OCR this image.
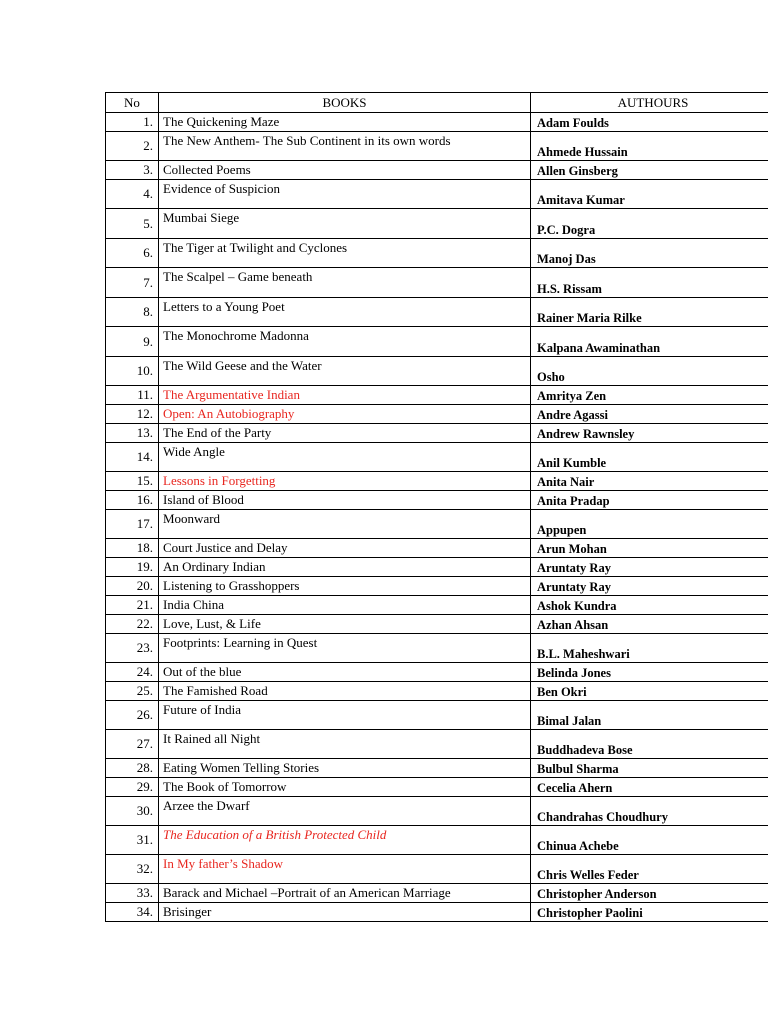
No	BOOKS	AUTHOURS
1.	The Quickening Maze	Adam Foulds
2.	The New Anthem- The Sub Continent in its own words	Ahmede Hussain
3.	Collected Poems	Allen Ginsberg
4.	Evidence of Suspicion	Amitava Kumar
5.	Mumbai Siege	P.C. Dogra
6.	The Tiger at Twilight and Cyclones	Manoj Das
7.	The Scalpel – Game beneath	H.S. Rissam
8.	Letters to a Young Poet	Rainer Maria Rilke
9.	The Monochrome Madonna	Kalpana Awaminathan
10.	The Wild Geese and the Water	Osho
11.	The Argumentative Indian	Amritya Zen
12.	Open: An Autobiography	Andre Agassi
13.	The End of the Party	Andrew Rawnsley
14.	Wide Angle	Anil Kumble
15.	Lessons in Forgetting	Anita Nair
16.	Island of Blood	Anita Pradap
17.	Moonward	Appupen
18.	Court Justice and Delay	Arun Mohan
19.	An Ordinary Indian	Aruntaty Ray
20.	Listening to Grasshoppers	Aruntaty Ray
21.	India China	Ashok Kundra
22.	Love, Lust, & Life	Azhan Ahsan
23.	Footprints: Learning in Quest	B.L. Maheshwari
24.	Out of the blue	Belinda Jones
25.	The Famished Road	Ben Okri
26.	Future of India	Bimal Jalan
27.	It Rained all Night	Buddhadeva Bose
28.	Eating Women Telling Stories	Bulbul Sharma
29.	The Book of Tomorrow	Cecelia Ahern
30.	Arzee the Dwarf	Chandrahas Choudhury
31.	The Education of a British Protected Child	Chinua Achebe
32.	In My father’s Shadow	Chris Welles Feder
33.	Barack and Michael –Portrait of an American Marriage	Christopher Anderson
34.	Brisinger	Christopher Paolini
